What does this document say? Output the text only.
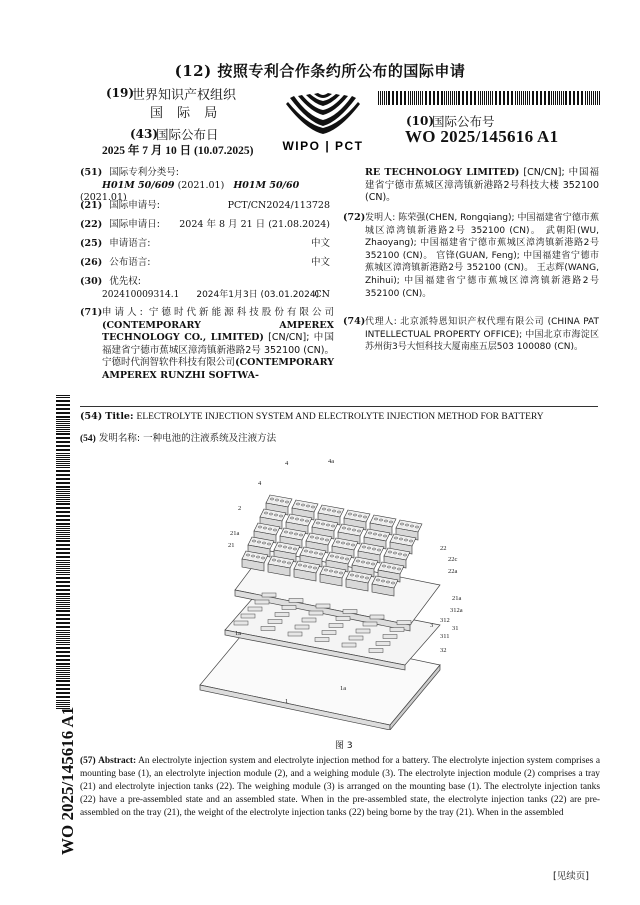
(12) 按照专利合作条约所公布的国际申请
(19)
世界知识产权组织
国 际 局
(43)
国际公布日
2025 年 7 月 10 日 (10.07.2025) WIPO | PCT
(10)
国际公布号
WO 2025/145616 A1
(51) 国际专利分类号:
H01M 50/609 (2021.01) H01M 50/60 (2021.01)
(21) 国际申请号:	PCT/CN2024/113728
(22) 国际申请日: 2024 年 8 月 21 日 (21.08.2024)
(25) 申请语言:	中文
(26) 公布语言:	中文
(30) 优先权:
202410009314.1 2024年1月3日 (03.01.2024)
CN
(71) 申请人: 宁德时代新能源科技股份有限公司(CONTEMPORARY AMPEREX TECHNOLOGY CO., LIMITED) [CN/CN]; 中国福建省宁德市蕉城区漳湾镇新港路2号 352100 (CN)。宁德时代润智软件科技有限公司(CONTEMPORARY AMPEREX RUNZHI SOFTWA-
RE TECHNOLOGY LIMITED) [CN/CN]; 中国福建省宁德市蕉城区漳湾镇新港路2号科技大楼 352100 (CN)。
(72) 发明人: 陈荣强(CHEN, Rongqiang); 中国福建省宁德市蕉城区漳湾镇新港路2号 352100 (CN)。 武朝阳(WU, Zhaoyang); 中国福建省宁德市蕉城区漳湾镇新港路2号 352100 (CN)。 官锋(GUAN, Feng); 中国福建省宁德市蕉城区漳湾镇新港路2号 352100 (CN)。 王志辉(WANG, Zhihui); 中国福建省宁德市蕉城区漳湾镇新港路2号 352100 (CN)。
(74) 代理人: 北京派特恩知识产权代理有限公司 (CHINA PAT INTELLECTUAL PROPERTY OFFICE); 中国北京市海淀区苏州街3号大恒科技大厦南座五层503 100080 (CN)。
WO 2025/145616 A1
(54) Title: ELECTROLYTE INJECTION SYSTEM AND ELECTROLYTE INJECTION METHOD FOR BATTERY
(54) 发明名称: 一种电池的注液系统及注液方法
4	4a
4
2
21a
21	22
22c
22a
21a
312a
312
3	31
311
1a
32
1a
1
图 3
(57) Abstract: An electrolyte injection system and electrolyte injection method for a battery. The electrolyte injection system comprises a mounting base (1), an electrolyte injection module (2), and a weighing module (3). The electrolyte injection module (2) comprises a tray (21) and electrolyte injection tanks (22). The weighing module (3) is arranged on the mounting base (1). The electrolyte injection tanks (22) have a pre-assembled state and an assembled state. When in the pre-assembled state, the electrolyte injection tanks (22) are pre-assembled on the tray (21), the weight of the electrolyte injection tanks (22) being borne by the tray (21). When in the assembled
[见续页]
